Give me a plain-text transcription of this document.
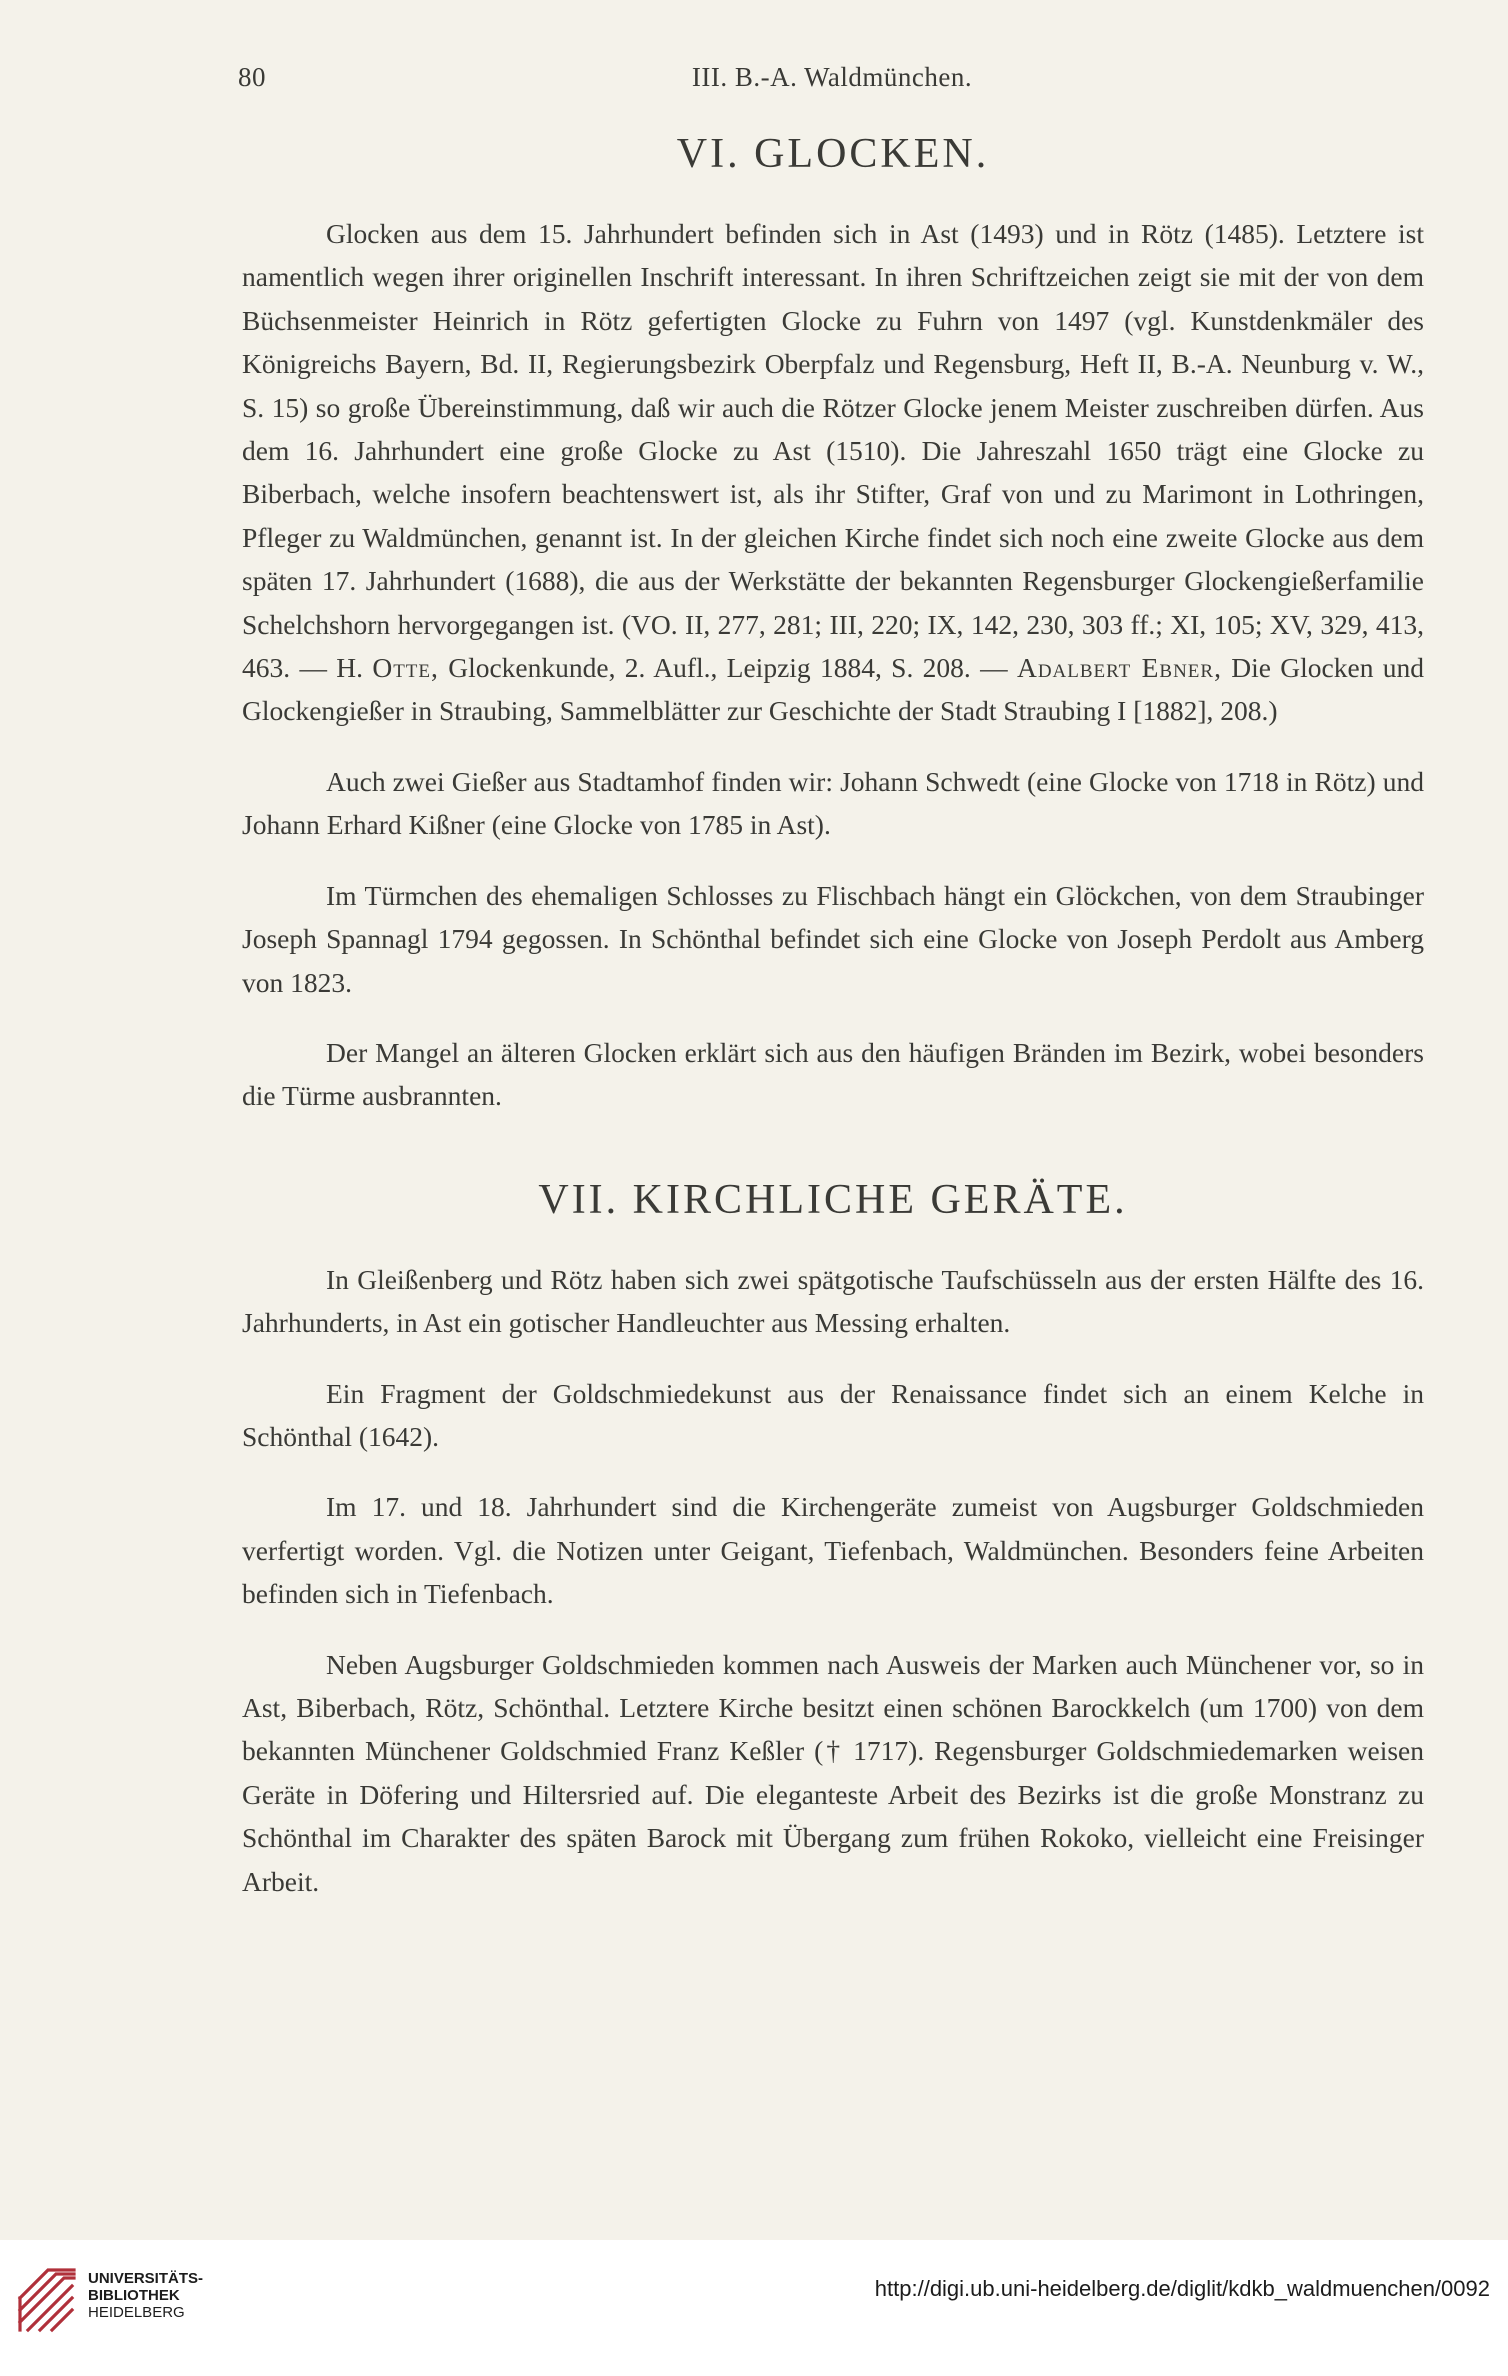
80	III. B.-A. Waldmünchen.
VI. GLOCKEN.

Glocken aus dem 15. Jahrhundert befinden sich in Ast (1493) und in Rötz (1485). Letztere ist namentlich wegen ihrer originellen Inschrift interessant. In ihren Schriftzeichen zeigt sie mit der von dem Büchsenmeister Heinrich in Rötz gefertigten Glocke zu Fuhrn von 1497 (vgl. Kunstdenkmäler des Königreichs Bayern, Bd. II, Regierungsbezirk Oberpfalz und Regensburg, Heft II, B.-A. Neunburg v. W., S. 15) so große Übereinstimmung, daß wir auch die Rötzer Glocke jenem Meister zuschreiben dürfen. Aus dem 16. Jahrhundert eine große Glocke zu Ast (1510). Die Jahreszahl 1650 trägt eine Glocke zu Biberbach, welche insofern beachtenswert ist, als ihr Stifter, Graf von und zu Marimont in Lothringen, Pfleger zu Waldmünchen, genannt ist. In der gleichen Kirche findet sich noch eine zweite Glocke aus dem späten 17. Jahrhundert (1688), die aus der Werkstätte der bekannten Regensburger Glockengießerfamilie Schelchshorn hervorgegangen ist. (VO. II, 277, 281; III, 220; IX, 142, 230, 303 ff.; XI, 105; XV, 329, 413, 463. — H. Otte, Glockenkunde, 2. Aufl., Leipzig 1884, S. 208. — Adalbert Ebner, Die Glocken und Glockengießer in Straubing, Sammelblätter zur Geschichte der Stadt Straubing I [1882], 208.)

Auch zwei Gießer aus Stadtamhof finden wir: Johann Schwedt (eine Glocke von 1718 in Rötz) und Johann Erhard Kißner (eine Glocke von 1785 in Ast).

Im Türmchen des ehemaligen Schlosses zu Flischbach hängt ein Glöckchen, von dem Straubinger Joseph Spannagl 1794 gegossen. In Schönthal befindet sich eine Glocke von Joseph Perdolt aus Amberg von 1823.

Der Mangel an älteren Glocken erklärt sich aus den häufigen Bränden im Bezirk, wobei besonders die Türme ausbrannten.

VII. KIRCHLICHE GERÄTE.

In Gleißenberg und Rötz haben sich zwei spätgotische Taufschüsseln aus der ersten Hälfte des 16. Jahrhunderts, in Ast ein gotischer Handleuchter aus Messing erhalten.

Ein Fragment der Goldschmiedekunst aus der Renaissance findet sich an einem Kelche in Schönthal (1642).

Im 17. und 18. Jahrhundert sind die Kirchengeräte zumeist von Augsburger Goldschmieden verfertigt worden. Vgl. die Notizen unter Geigant, Tiefenbach, Waldmünchen. Besonders feine Arbeiten befinden sich in Tiefenbach.

Neben Augsburger Goldschmieden kommen nach Ausweis der Marken auch Münchener vor, so in Ast, Biberbach, Rötz, Schönthal. Letztere Kirche besitzt einen schönen Barockkelch (um 1700) von dem bekannten Münchener Goldschmied Franz Keßler († 1717). Regensburger Goldschmiedemarken weisen Geräte in Döfering und Hiltersried auf. Die eleganteste Arbeit des Bezirks ist die große Monstranz zu Schönthal im Charakter des späten Barock mit Übergang zum frühen Rokoko, vielleicht eine Freisinger Arbeit.

UNIVERSITÄTS-
BIBLIOTHEK
HEIDELBERG
http://digi.ub.uni-heidelberg.de/diglit/kdkb_waldmuenchen/0092
